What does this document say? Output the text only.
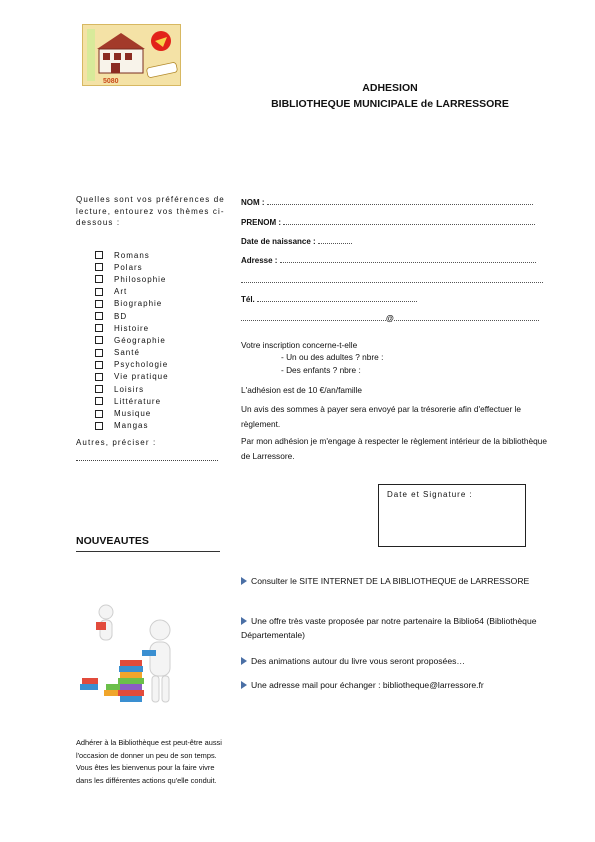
5080
ADHESION
BIBLIOTHEQUE MUNICIPALE de LARRESSORE
Quelles sont vos préférences de lecture, entourez vos thèmes ci-dessous :
Romans
Polars
Philosophie
Art
Biographie
BD
Histoire
Géographie
Santé
Psychologie
Vie pratique
Loisirs
Littérature
Musique
Mangas
Autres, préciser :
NOM :
PRENOM :
Date de naissance :
Adresse :
Tél.
@
Votre inscription concerne-t-elle
- Un ou des adultes ? nbre :
- Des enfants ? nbre :
L'adhésion est de 10 €/an/famille
Un avis des sommes à payer sera envoyé par la trésorerie afin d'effectuer le règlement.
Par mon adhésion je m'engage à respecter le règlement intérieur de la bibliothèque de Larressore.
Date et Signature :
NOUVEAUTES
Consulter le SITE INTERNET DE LA BIBLIOTHEQUE de LARRESSORE
Une offre très vaste proposée par notre partenaire la Biblio64 (Bibliothèque Départementale)
Des animations autour du livre vous seront proposées…
Une adresse mail pour échanger : bibliotheque@larressore.fr
Adhérer à la Bibliothèque est peut-être aussi l'occasion de donner un peu de son temps. Vous êtes les bienvenus pour la faire vivre dans les différentes actions qu'elle conduit.
